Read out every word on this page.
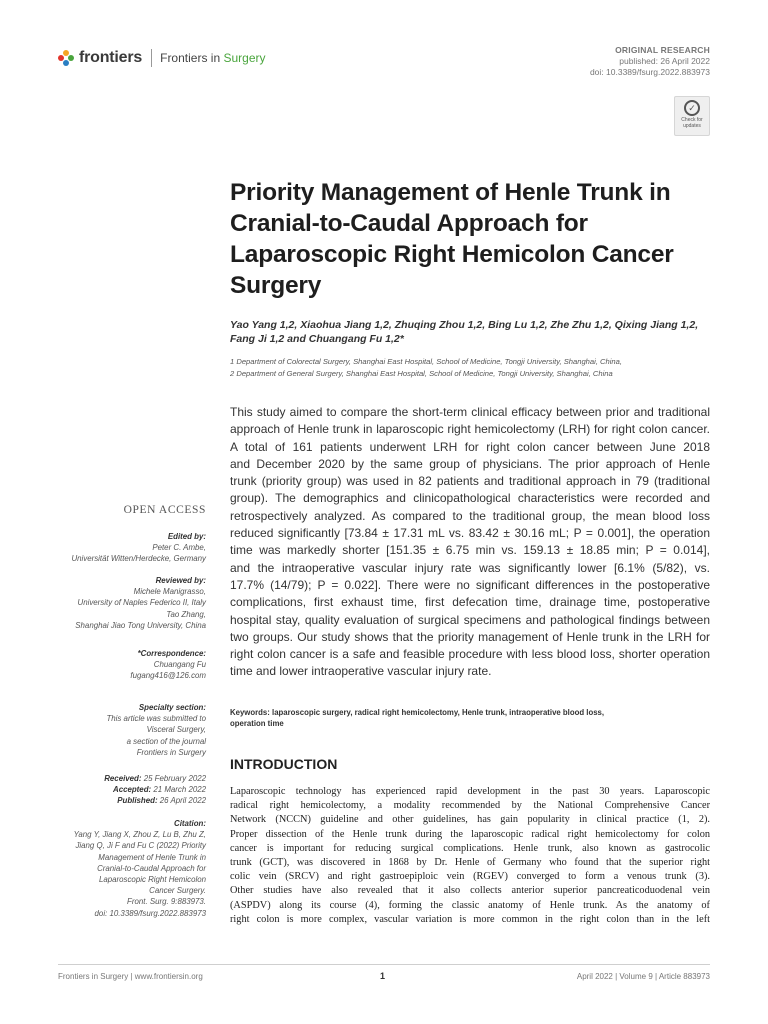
frontiers Frontiers in Surgery
ORIGINAL RESEARCH
published: 26 April 2022
doi: 10.3389/fsurg.2022.883973
✓
Check for updates
Priority Management of Henle Trunk in Cranial-to-Caudal Approach for Laparoscopic Right Hemicolon Cancer Surgery
Yao Yang 1,2, Xiaohua Jiang 1,2, Zhuqing Zhou 1,2, Bing Lu 1,2, Zhe Zhu 1,2, Qixing Jiang 1,2,
Fang Ji 1,2 and Chuangang Fu 1,2*
1 Department of Colorectal Surgery, Shanghai East Hospital, School of Medicine, Tongji University, Shanghai, China,
2 Department of General Surgery, Shanghai East Hospital, School of Medicine, Tongji University, Shanghai, China
This study aimed to compare the short-term clinical efficacy between prior and traditional
approach of Henle trunk in laparoscopic right hemicolectomy (LRH) for right colon cancer.
A total of 161 patients underwent LRH for right colon cancer between June 2018
and December 2020 by the same group of physicians. The prior approach of Henle
trunk (priority group) was used in 82 patients and traditional approach in 79 (traditional
group). The demographics and clinicopathological characteristics were recorded and
retrospectively analyzed. As compared to the traditional group, the mean blood loss
reduced significantly [73.84 ± 17.31 mL vs. 83.42 ± 30.16 mL; P = 0.001], the operation
time was markedly shorter [151.35 ± 6.75 min vs. 159.13 ± 18.85 min; P = 0.014],
and the intraoperative vascular injury rate was significantly lower [6.1% (5/82), vs.
17.7% (14/79); P = 0.022]. There were no significant differences in the postoperative
complications, first exhaust time, first defecation time, drainage time, postoperative
hospital stay, quality evaluation of surgical specimens and pathological findings between
two groups. Our study shows that the priority management of Henle trunk in the LRH for
right colon cancer is a safe and feasible procedure with less blood loss, shorter operation
time and lower intraoperative vascular injury rate.
Keywords: laparoscopic surgery, radical right hemicolectomy, Henle trunk, intraoperative blood loss,
operation time
INTRODUCTION
Laparoscopic technology has experienced rapid development in the past 30 years. Laparoscopic
radical right hemicolectomy, a modality recommended by the National Comprehensive Cancer
Network (NCCN) guideline and other guidelines, has gain popularity in clinical practice (1, 2).
Proper dissection of the Henle trunk during the laparoscopic radical right hemicolectomy for colon
cancer is important for reducing surgical complications. Henle trunk, also known as gastrocolic
trunk (GCT), was discovered in 1868 by Dr. Henle of Germany who found that the superior right
colic vein (SRCV) and right gastroepiploic vein (RGEV) converged to form a venous trunk (3).
Other studies have also revealed that it also collects anterior superior pancreaticoduodenal vein
(ASPDV) along its course (4), forming the classic anatomy of Henle trunk. As the anatomy of
right colon is more complex, vascular variation is more common in the right colon than in the left
OPEN ACCESS
Edited by:
Peter C. Ambe,
Universität Witten/Herdecke, Germany
Reviewed by:
Michele Manigrasso,
University of Naples Federico II, Italy
Tao Zhang,
Shanghai Jiao Tong University, China
*Correspondence:
Chuangang Fu
fugang416@126.com
Specialty section:
This article was submitted to
Visceral Surgery,
a section of the journal
Frontiers in Surgery
Received: 25 February 2022
Accepted: 21 March 2022
Published: 26 April 2022
Citation:
Yang Y, Jiang X, Zhou Z, Lu B, Zhu Z,
Jiang Q, Ji F and Fu C (2022) Priority
Management of Henle Trunk in
Cranial-to-Caudal Approach for
Laparoscopic Right Hemicolon
Cancer Surgery.
Front. Surg. 9:883973.
doi: 10.3389/fsurg.2022.883973
Frontiers in Surgery | www.frontiersin.org	1	April 2022 | Volume 9 | Article 883973
